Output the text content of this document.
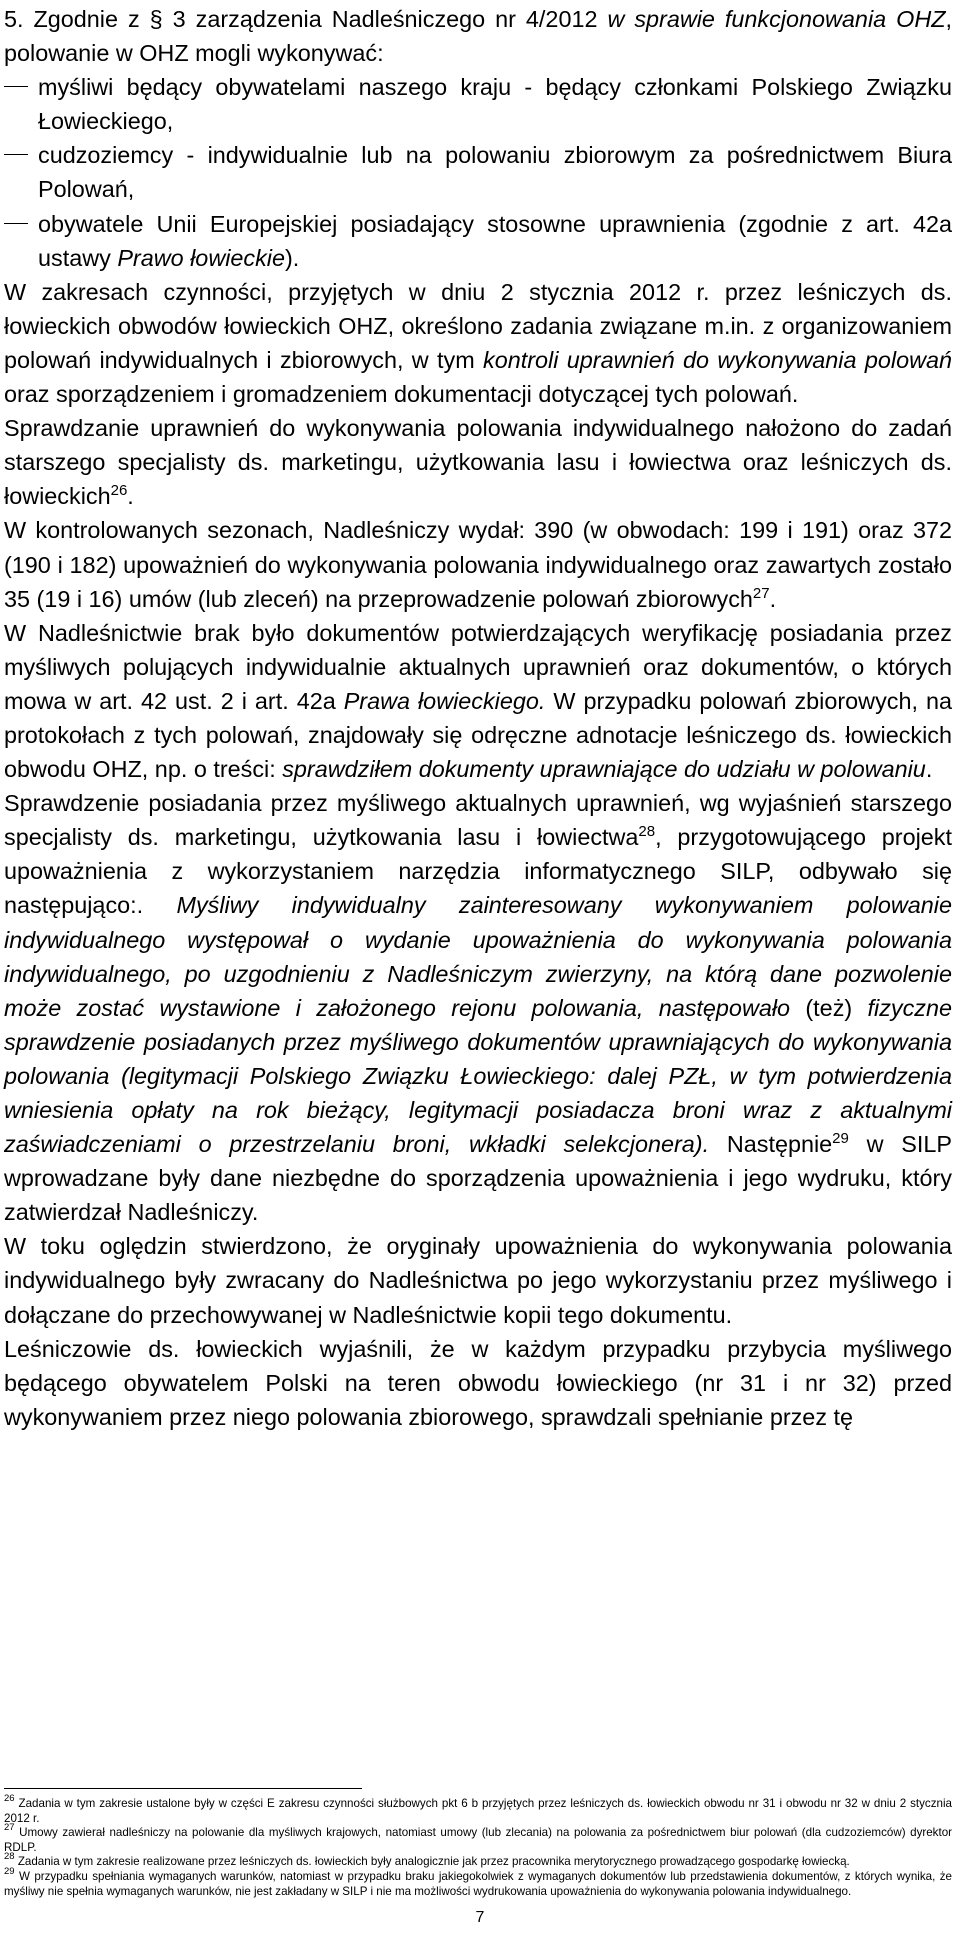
5. Zgodnie z § 3 zarządzenia Nadleśniczego nr 4/2012 w sprawie funkcjonowania OHZ, polowanie w OHZ mogli wykonywać:

myśliwi będący obywatelami naszego kraju - będący członkami Polskiego Związku Łowieckiego,

cudzoziemcy - indywidualnie lub na polowaniu zbiorowym za pośrednictwem Biura Polowań,

obywatele Unii Europejskiej posiadający stosowne uprawnienia (zgodnie z art. 42a ustawy Prawo łowieckie).

W zakresach czynności, przyjętych w dniu 2 stycznia 2012 r. przez leśniczych ds. łowieckich obwodów łowieckich OHZ, określono zadania związane m.in. z organizowaniem polowań indywidualnych i zbiorowych, w tym kontroli uprawnień do wykonywania polowań oraz sporządzeniem i gromadzeniem dokumentacji dotyczącej tych polowań.

Sprawdzanie uprawnień do wykonywania polowania indywidualnego nałożono do zadań starszego specjalisty ds. marketingu, użytkowania lasu i łowiectwa oraz leśniczych ds. łowieckich$^{26}$.

W kontrolowanych sezonach, Nadleśniczy wydał: 390 (w obwodach: 199 i 191) oraz 372 (190 i 182) upoważnień do wykonywania polowania indywidualnego oraz zawartych zostało 35 (19 i 16) umów (lub zleceń) na przeprowadzenie polowań zbiorowych$^{27}$.

W Nadleśnictwie brak było dokumentów potwierdzających weryfikację posiadania przez myśliwych polujących indywidualnie aktualnych uprawnień oraz dokumentów, o których mowa w art. 42 ust. 2 i art. 42a Prawa łowieckiego. W przypadku polowań zbiorowych, na protokołach z tych polowań, znajdowały się odręczne adnotacje leśniczego ds. łowieckich obwodu OHZ, np. o treści: sprawdziłem dokumenty uprawniające do udziału w polowaniu.

Sprawdzenie posiadania przez myśliwego aktualnych uprawnień, wg wyjaśnień starszego specjalisty ds. marketingu, użytkowania lasu i łowiectwa$^{28}$, przygotowującego projekt upoważnienia z wykorzystaniem narzędzia informatycznego SILP, odbywało się następująco:. Myśliwy indywidualny zainteresowany wykonywaniem polowanie indywidualnego występował o wydanie upoważnienia do wykonywania polowania indywidualnego, po uzgodnieniu z Nadleśniczym zwierzyny, na którą dane pozwolenie może zostać wystawione i założonego rejonu polowania, następowało (też) fizyczne sprawdzenie posiadanych przez myśliwego dokumentów uprawniających do wykonywania polowania (legitymacji Polskiego Związku Łowieckiego: dalej PZŁ, w tym potwierdzenia wniesienia opłaty na rok bieżący, legitymacji posiadacza broni wraz z aktualnymi zaświadczeniami o przestrzelaniu broni, wkładki selekcjonera). Następnie$^{29}$ w SILP wprowadzane były dane niezbędne do sporządzenia upoważnienia i jego wydruku, który zatwierdzał Nadleśniczy.

W toku oględzin stwierdzono, że oryginały upoważnienia do wykonywania polowania indywidualnego były zwracany do Nadleśnictwa po jego wykorzystaniu przez myśliwego i dołączane do przechowywanej w Nadleśnictwie kopii tego dokumentu.

Leśniczowie ds. łowieckich wyjaśnili, że w każdym przypadku przybycia myśliwego będącego obywatelem Polski na teren obwodu łowieckiego (nr 31 i nr 32) przed wykonywaniem przez niego polowania zbiorowego, sprawdzali spełnianie przez tę

$^{26}$ Zadania w tym zakresie ustalone były w części E zakresu czynności służbowych pkt 6 b przyjętych przez leśniczych ds. łowieckich obwodu nr 31 i obwodu nr 32 w dniu 2 stycznia 2012 r.

$^{27}$ Umowy zawierał nadleśniczy na polowanie dla myśliwych krajowych, natomiast umowy (lub zlecania) na polowania za pośrednictwem biur polowań (dla cudzoziemców) dyrektor RDLP.

$^{28}$ Zadania w tym zakresie realizowane przez leśniczych ds. łowieckich były analogicznie jak przez pracownika merytorycznego prowadzącego gospodarkę łowiecką.

$^{29}$ W przypadku spełniania wymaganych warunków, natomiast w przypadku braku jakiegokolwiek z wymaganych dokumentów lub przedstawienia dokumentów, z których wynika, że myśliwy nie spełnia wymaganych warunków, nie jest zakładany w SILP i nie ma możliwości wydrukowania upoważnienia do wykonywania polowania indywidualnego.

7
